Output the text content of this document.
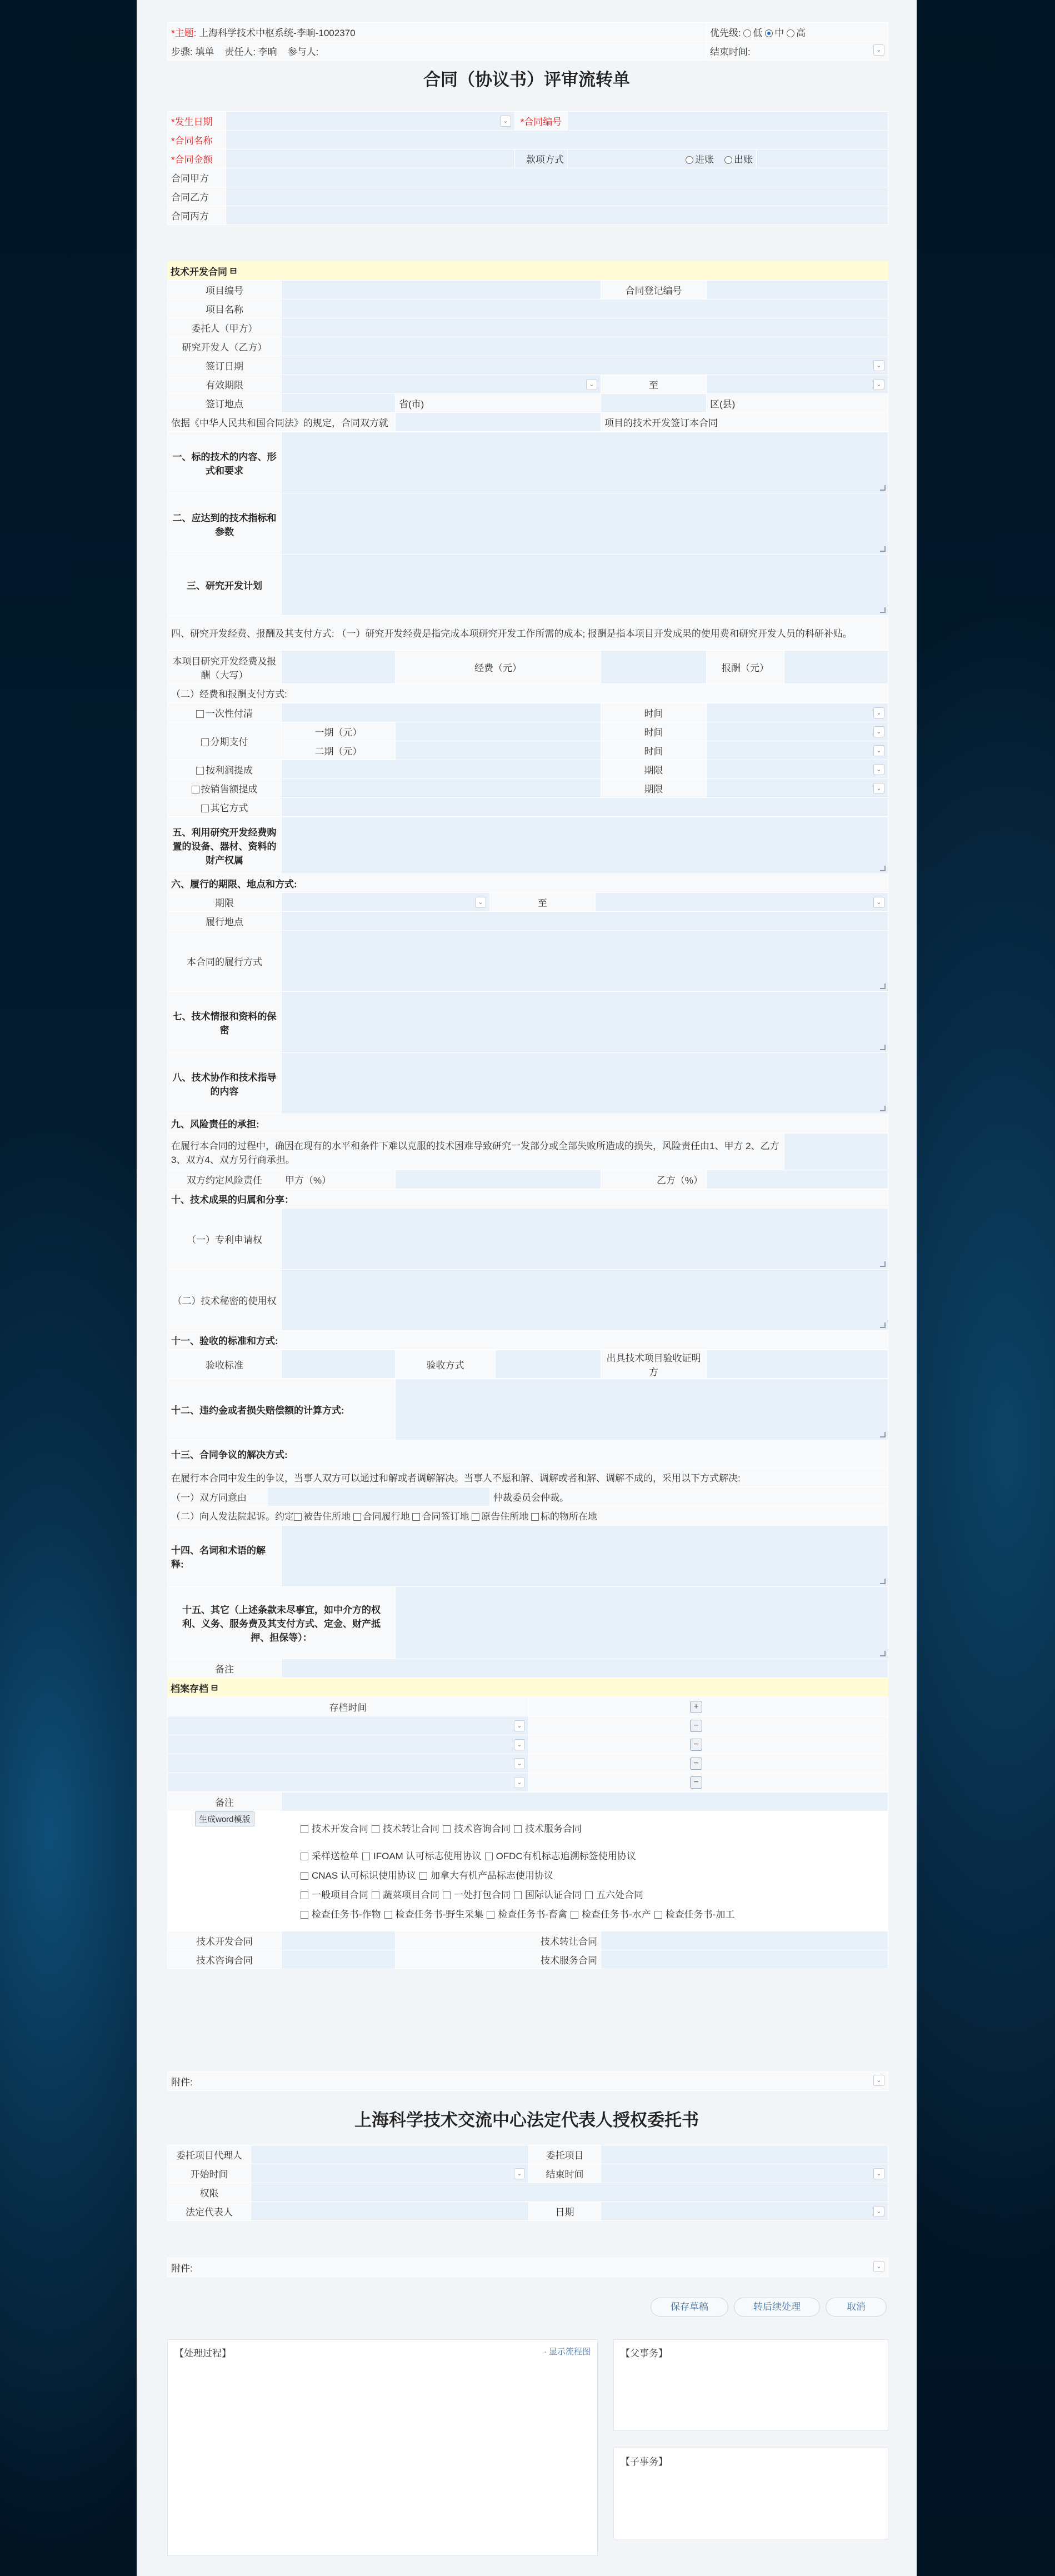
*主题: 上海科学技术中枢系统-李晌-1002370	优先级: 低 中 高
步骤: 填单 责任人: 李晌 参与人:	结束时间: ⌄
合同（协议书）评审流转单
*发生日期	⌄	*合同编号		
*合同名称				
*合同金额		款项方式	进账 出账	
合同甲方				
合同乙方				
合同丙方				
技术开发合同
⊟
项目编号			合同登记编号	
项目名称				
委托人（甲方）				
研究开发人（乙方）				
签订日期	⌄			

有效期限	⌄		至	⌄

签订地点		省(市)		区(县)
依据《中华人民共和国合同法》的规定，合同双方就			项目的技术开发签订本合同	
一、标的技术的内容、形式和要求	
二、应达到的技术指标和参数	
三、研究开发计划	
四、研究开发经费、报酬及其支付方式: （一）研究开发经费是指完成本项研究开发工作所需的成本; 报酬是指本项目开发成果的使用费和研究开发人员的科研补贴。	
本项目研究开发经费及报酬（大写）		经费（元）		报酬（元）	
（二）经费和报酬支付方式:
一次性付清			时间	⌄

分期支付	一期（元）		时间	⌄

	二期（元）		时间	⌄

按利润提成			期限	⌄

按销售额提成			期限	⌄

其它方式				
五、利用研究开发经费购置的设备、器材、资料的财产权属			
六、履行的期限、地点和方式:			
期限	⌄	至	⌄

履行地点			
本合同的履行方式			
七、技术情报和资料的保密			
八、技术协作和技术指导的内容			
九、风险责任的承担:			
在履行本合同的过程中，确因在现有的水平和条件下难以克服的技术困难导致研究一发部分或全部失败所造成的损失，风险责任由1、甲方 2、乙方3、双方4、双方另行商承担。					
双方约定风险责任	甲方（%）		乙方（%）		
十、技术成果的归属和分享：	
（一）专利申请权	
（二）技术秘密的使用权	
十一、验收的标准和方式:	
验收标准		验收方式		出具技术项目验收证明方	
十二、违约金或者损失赔偿额的计算方式:	
十三、合同争议的解决方式:
在履行本合同中发生的争议，当事人双方可以通过和解或者调解解决。当事人不愿和解、调解或者和解、调解不成的，采用以下方式解决:
（一）双方同意由		仲裁委员会仲裁。
（二）向人发法院起诉。约定 被告住所地 合同履行地 合同签订地 原告住所地 标的物所在地
十四、名词和术语的解释:		
十五、其它（上述条款未尽事宜，如中介方的权利、义务、服务费及其支付方式、定金、财产抵押、担保等）：		
备注		
档案存档
⊟
存档时间	+

⌄	−

⌄	−

⌄	−

⌄	−
备注	
生成word模版
技术开发合同 技术转让合同 技术咨询合同 技术服务合同
采样送检单 IFOAM 认可标志使用协议 OFDC有机标志追溯标签使用协议
CNAS 认可标识使用协议 加拿大有机产品标志使用协议
一般项目合同 蔬菜项目合同 一处打包合同 国际认证合同 五六处合同
检查任务书-作物 检查任务书-野生采集 检查任务书-畜禽 检查任务书-水产 检查任务书-加工
技术开发合同		技术转让合同	
技术咨询合同		技术服务合同	
附件:	⌄
上海科学技术交流中心法定代表人授权委托书
委托项目代理人		委托项目	
开始时间	⌄	结束时间	⌄

权限			
法定代表人		日期	⌄
附件:	⌄
保存草稿	转后续处理	取消
【处理过程】	· 显示流程图	【父事务】
【子事务】
